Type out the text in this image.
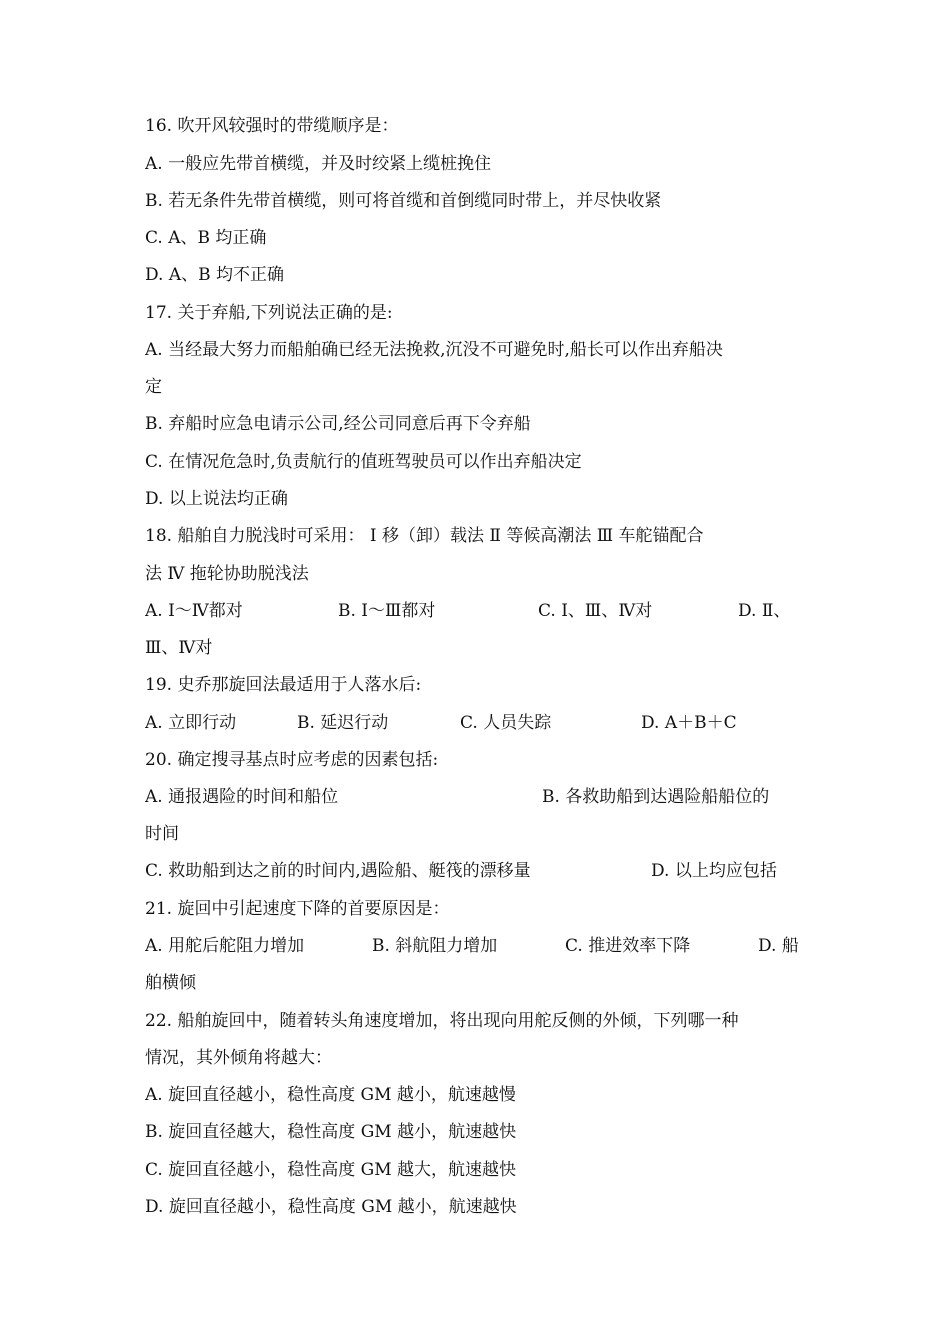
16. 吹开风较强时的带缆顺序是：
A. 一般应先带首横缆，并及时绞紧上缆桩挽住
B. 若无条件先带首横缆，则可将首缆和首倒缆同时带上，并尽快收紧
C. A、B 均正确
D. A、B 均不正确
17. 关于弃船,下列说法正确的是:
A. 当经最大努力而船舶确已经无法挽救,沉没不可避免时,船长可以作出弃船决
定
B. 弃船时应急电请示公司,经公司同意后再下令弃船
C. 在情况危急时,负责航行的值班驾驶员可以作出弃船决定
D. 以上说法均正确
18. 船舶自力脱浅时可采用： Ⅰ 移（卸）载法 Ⅱ 等候高潮法 Ⅲ 车舵锚配合
法 Ⅳ 拖轮协助脱浅法

A. Ⅰ～Ⅳ都对

	B. Ⅰ～Ⅲ都对

	C. Ⅰ、Ⅲ、Ⅳ对

	D. Ⅱ、

Ⅲ、Ⅳ对
19. 史乔那旋回法最适用于人落水后:

A. 立即行动

	B. 延迟行动

	C. 人员失踪

	D. A＋B＋C

20. 确定搜寻基点时应考虑的因素包括:

A. 通报遇险的时间和船位

	B. 各救助船到达遇险船船位的

时间

C. 救助船到达之前的时间内,遇险船、艇筏的漂移量

	D. 以上均应包括

21. 旋回中引起速度下降的首要原因是：

A. 用舵后舵阻力增加

	B. 斜航阻力增加

	C. 推进效率下降

	D. 船

舶横倾
22. 船舶旋回中，随着转头角速度增加，将出现向用舵反侧的外倾，下列哪一种
情况，其外倾角将越大：
A. 旋回直径越小，稳性高度 GM 越小，航速越慢
B. 旋回直径越大，稳性高度 GM 越小，航速越快
C. 旋回直径越小，稳性高度 GM 越大，航速越快
D. 旋回直径越小，稳性高度 GM 越小，航速越快
